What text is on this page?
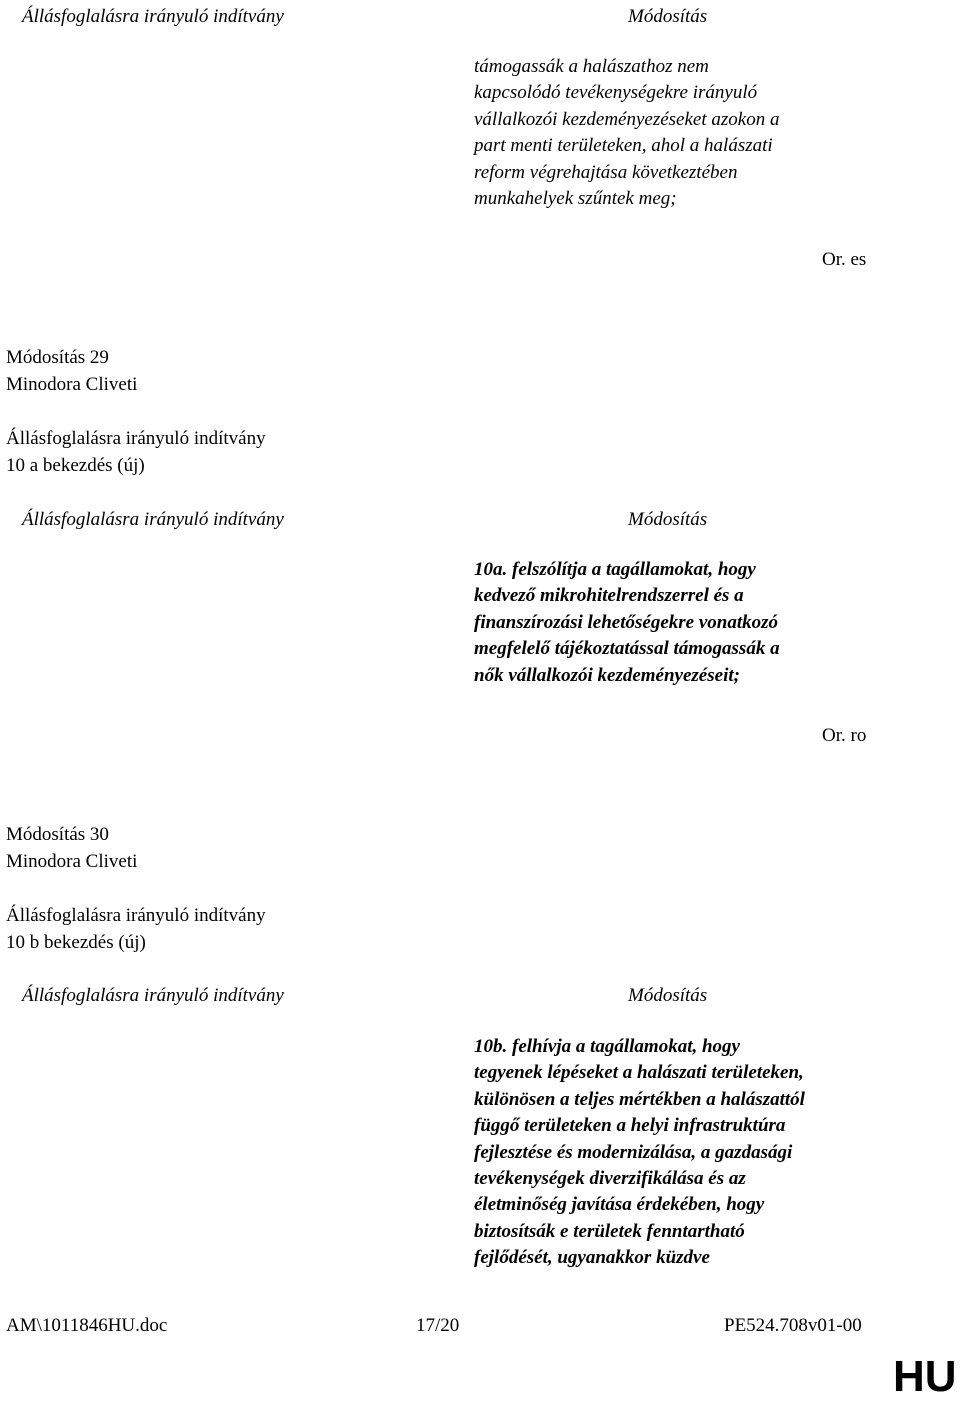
Állásfoglalásra irányuló indítvány	Módosítás
támogassák a halászathoz nem
kapcsolódó tevékenységekre irányuló
vállalkozói kezdeményezéseket azokon a
part menti területeken, ahol a halászati
reform végrehajtása következtében
munkahelyek szűntek meg;
Or. es
Módosítás 29
Minodora Cliveti
Állásfoglalásra irányuló indítvány
10 a bekezdés (új)
Állásfoglalásra irányuló indítvány	Módosítás
10a. felszólítja a tagállamokat, hogy
kedvező mikrohitelrendszerrel és a
finanszírozási lehetőségekre vonatkozó
megfelelő tájékoztatással támogassák a
nők vállalkozói kezdeményezéseit;
Or. ro
Módosítás 30
Minodora Cliveti
Állásfoglalásra irányuló indítvány
10 b bekezdés (új)
Állásfoglalásra irányuló indítvány	Módosítás
10b. felhívja a tagállamokat, hogy
tegyenek lépéseket a halászati területeken,
különösen a teljes mértékben a halászattól
függő területeken a helyi infrastruktúra
fejlesztése és modernizálása, a gazdasági
tevékenységek diverzifikálása és az
életminőség javítása érdekében, hogy
biztosítsák e területek fenntartható
fejlődését, ugyanakkor küzdve
AM\1011846HU.doc	17/20	PE524.708v01-00
HU
